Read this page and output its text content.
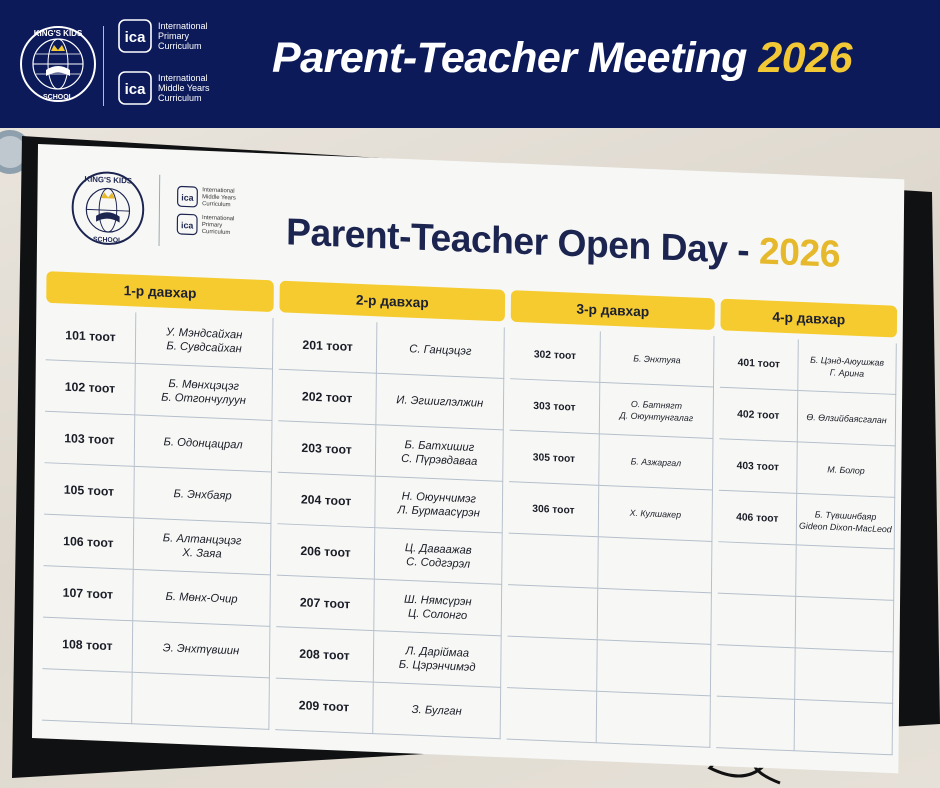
KING'S KIDS
SCHOOL
ica
International
Primary
Curriculum
ica
International
Middle Years
Curriculum
Parent-Teacher Meeting 2026
KING'S KIDS
SCHOOL
ica
International
Middle Years
Curriculum
ica
International
Primary
Curriculum Parent-Teacher Open Day - 2026
1-р давхар
2-р давхар	3-р давхар	4-р давхар
101 тоот	У. Мэндсайхан
Б. Сувдсайхан
102 тоот	Б. Мөнхцэцэг
Б. Отгончулуун
103 тоот	Б. Одонцацрал
105 тоот	Б. Энхбаяр
106 тоот	Б. Алтанцэцэг
Х. Заяа
107 тоот	Б. Мөнх-Очир
108 тоот	Э. Энхтүвшин
201 тоот	С. Ганцэцэг
202 тоот	И. Эгшиглэлжин
203 тоот	Б. Батхишиг
С. Пүрэвдаваа
204 тоот	Н. Оюунчимэг
Л. Бурмаасүрэн
206 тоот	Ц. Даваажав
С. Содгэрэл
207 тоот	Ш. Нямсүрэн
Ц. Солонго
208 тоот	Л. Дарiймаа
Б. Цэрэнчимэд
209 тоот	З. Булган
302 тоот	Б. Энхтуяа
303 тоот	О. Батнягт
Д. Оюунтунгалаг
305 тоот	Б. Азжаргал
306 тоот	Х. Кулшакер
401 тоот	Б. Цэнд-Аюушжав
Г. Арина
402 тоот	Ө. Өлзийбаясгалан
403 тоот	М. Болор
406 тоот	Б. Түвшинбаяр
Gideon Dixon-MacLeod
